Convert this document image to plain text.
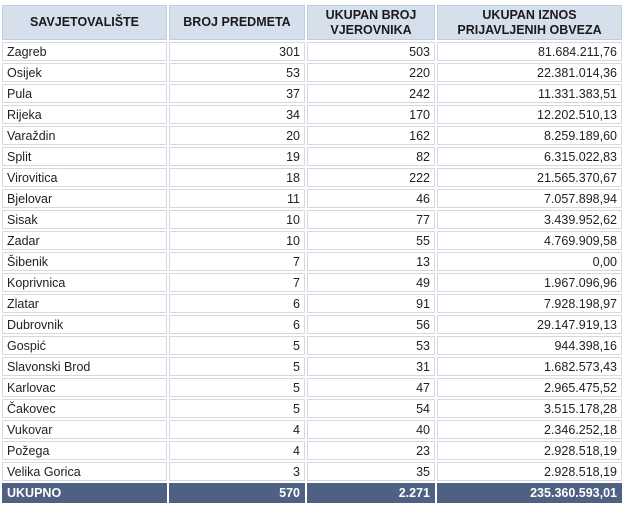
SAVJETOVALIŠTE	BROJ PREDMETA	UKUPAN BROJ VJEROVNIKA	UKUPAN IZNOS PRIJAVLJENIH OBVEZA
Zagreb	301	503	81.684.211,76
Osijek	53	220	22.381.014,36
Pula	37	242	11.331.383,51
Rijeka	34	170	12.202.510,13
Varaždin	20	162	8.259.189,60
Split	19	82	6.315.022,83
Virovitica	18	222	21.565.370,67
Bjelovar	11	46	7.057.898,94
Sisak	10	77	3.439.952,62
Zadar	10	55	4.769.909,58
Šibenik	7	13	0,00
Koprivnica	7	49	1.967.096,96
Zlatar	6	91	7.928.198,97
Dubrovnik	6	56	29.147.919,13
Gospić	5	53	944.398,16
Slavonski Brod	5	31	1.682.573,43
Karlovac	5	47	2.965.475,52
Čakovec	5	54	3.515.178,28
Vukovar	4	40	2.346.252,18
Požega	4	23	2.928.518,19
Velika Gorica	3	35	2.928.518,19
UKUPNO	570	2.271	235.360.593,01
